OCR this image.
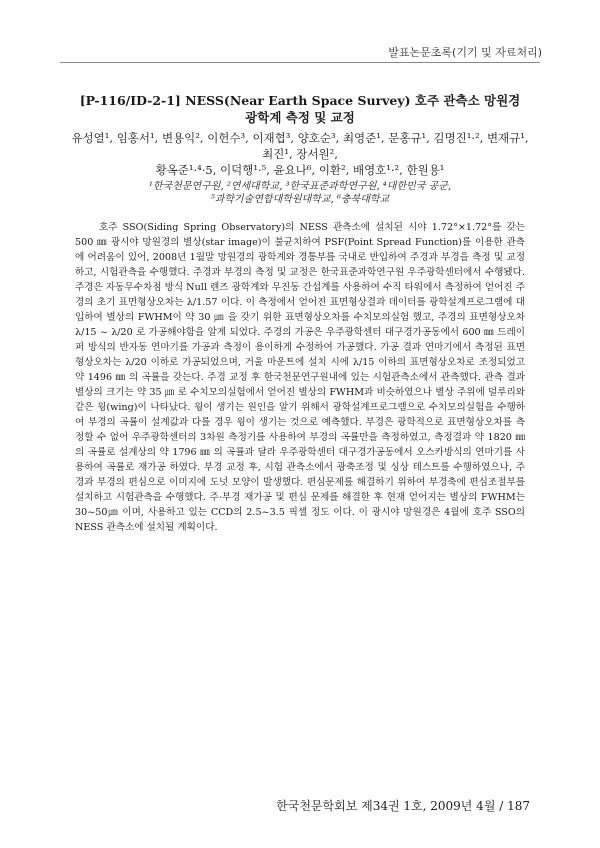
발표논문초록(기기 및 자료처리)
[P-116/ID-2-1] NESS(Near Earth Space Survey) 호주 관측소 망원경
광학계 측정 및 교정
유성열¹, 임홍서¹, 변용익², 이헌수³, 이재협³, 양호순³, 최영준¹, 문홍규¹, 김명진¹·², 변재규¹, 최진¹, 장서원²,
황옥준¹·⁴·5, 이덕행¹·⁵, 윤요나⁶, 이환², 배영호¹·², 한원용¹
¹한국천문연구원, ²연세대학교, ³한국표준과학연구원, ⁴대한민국 공군,
⁵과학기술연합대학원대학교, ⁶충북대학교
호주 SSO(Siding Spring Observatory)의 NESS 관측소에 설치된 시야 1.72°×1.72°를 갖는 500 ㎜ 광시야 망원경의 별상(star image)이 불균치하여 PSF(Point Spread Function)를 이용한 관측에 어려움이 있어, 2008년 1월말 망원경의 광학계와 경통부를 국내로 반입하여 주경과 부경을 측정 및 교정하고, 시험관측을 수행했다. 주경과 부경의 측정 및 교정은 한국표준과학연구원 우주광학센터에서 수행됐다. 주경은 자동무수차점 방식 Null 렌즈 광학계와 무진동 간섭계를 사용하여 수직 타워에서 측정하여 얻어진 주경의 초기 표면형상오차는 λ/1.57 이다. 이 측정에서 얻어진 표면형상결과 데이터를 광학설계프로그램에 대입하여 별상의 FWHM이 약 30 ㎛ 을 갖기 위한 표면형상오차를 수치모의실험 했고, 주경의 표면형상오차 λ/15 ~ λ/20 로 가공해야함을 알게 되었다. 주경의 가공은 우주광학센터 대구경가공동에서 600 ㎜ 드레이퍼 방식의 반자동 연마기를 가공과 측정이 용이하게 수정하여 가공했다. 가공 결과 연마기에서 측정된 표면형상오차는 λ/20 이하로 가공되었으며, 거울 마운트에 설치 시에 λ/15 이하의 표면형상오차로 조정되었고 약 1496 ㎜ 의 곡률을 갖는다. 주경 교정 후 한국천문연구원내에 있는 시험관측소에서 관측했다. 관측 결과 별상의 크기는 약 35 ㎛ 로 수치모의실험에서 얻어진 별상의 FWHM과 비슷하였으나 별상 주위에 덜루리와 같은 윙(wing)이 나타났다. 윙이 생기는 원인을 알기 위해서 광학설계프로그램으로 수치모의실험을 수행하여 부경의 곡률이 설계값과 다를 경우 윙이 생기는 것으로 예측했다. 부경은 광학적으로 표면형상오차를 측정할 수 없어 우주광학센터의 3차원 측정기를 사용하여 부경의 곡률만을 측정하였고, 측정결과 약 1820 ㎜의 곡률로 설계상의 약 1796 ㎜ 의 곡률과 달라 우주광학센터 대구경가공동에서 오스카방식의 연마기를 사용하여 곡률로 재가공 하였다. 부경 교정 후, 시험 관측소에서 광축조정 및 싱상 테스트를 수행하였으나, 주경과 부경의 편심으로 이미지에 도넛 모양이 발생했다. 편심문제를 해결하기 위하여 부경축에 편심조절부를 설치하고 시험관측을 수행했다. 주·부경 재가공 및 편심 문제를 해결한 후 현재 얻어지는 별상의 FWHM는 30~50㎛ 이며, 사용하고 있는 CCD의 2.5~3.5 픽셀 정도 이다. 이 광시야 망원경은 4월에 호주 SSO의 NESS 관측소에 설치될 계획이다.
한국천문학회보 제34권 1호, 2009년 4월 / 187
